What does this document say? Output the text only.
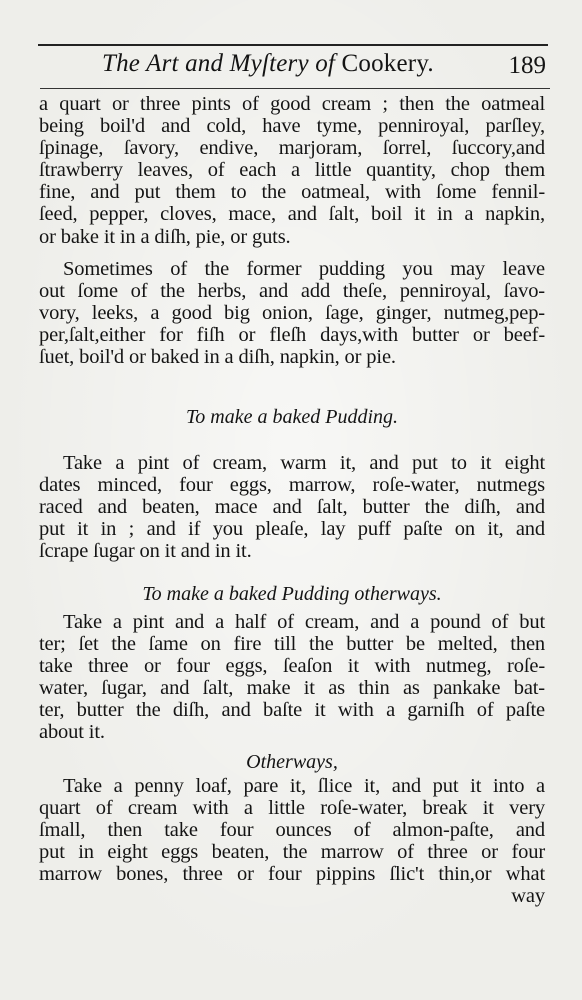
The Art and Myſtery of Cookery.	189
a quart or three pints of good cream ; then the oatmeal
being boil'd and cold, have tyme, penniroyal, parſley,
ſpinage, ſavory, endive, marjoram, ſorrel, ſuccory,and
ſtrawberry leaves, of each a little quantity, chop them
fine, and put them to the oatmeal, with ſome fennil-
ſeed, pepper, cloves, mace, and ſalt, boil it in a napkin,
or bake it in a diſh, pie, or guts.
Sometimes of the former pudding you may leave
out ſome of the herbs, and add theſe, penniroyal, ſavo-
vory, leeks, a good big onion, ſage, ginger, nutmeg,pep-
per,ſalt,either for fiſh or fleſh days,with butter or beef-
ſuet, boil'd or baked in a diſh, napkin, or pie.
To make a baked Pudding.
Take a pint of cream, warm it, and put to it eight
dates minced, four eggs, marrow, roſe-water, nutmegs
raced and beaten, mace and ſalt, butter the diſh, and
put it in ; and if you pleaſe, lay puff paſte on it, and
ſcrape ſugar on it and in it.
To make a baked Pudding otherways.
Take a pint and a half of cream, and a pound of but
ter; ſet the ſame on fire till the butter be melted, then
take three or four eggs, ſeaſon it with nutmeg, roſe-
water, ſugar, and ſalt, make it as thin as pankake bat-
ter, butter the diſh, and baſte it with a garniſh of paſte
about it.
Otherways,
Take a penny loaf, pare it, ſlice it, and put it into a
quart of cream with a little roſe-water, break it very
ſmall, then take four ounces of almon-paſte, and
put in eight eggs beaten, the marrow of three or four
marrow bones, three or four pippins ſlic't thin,or what
way
